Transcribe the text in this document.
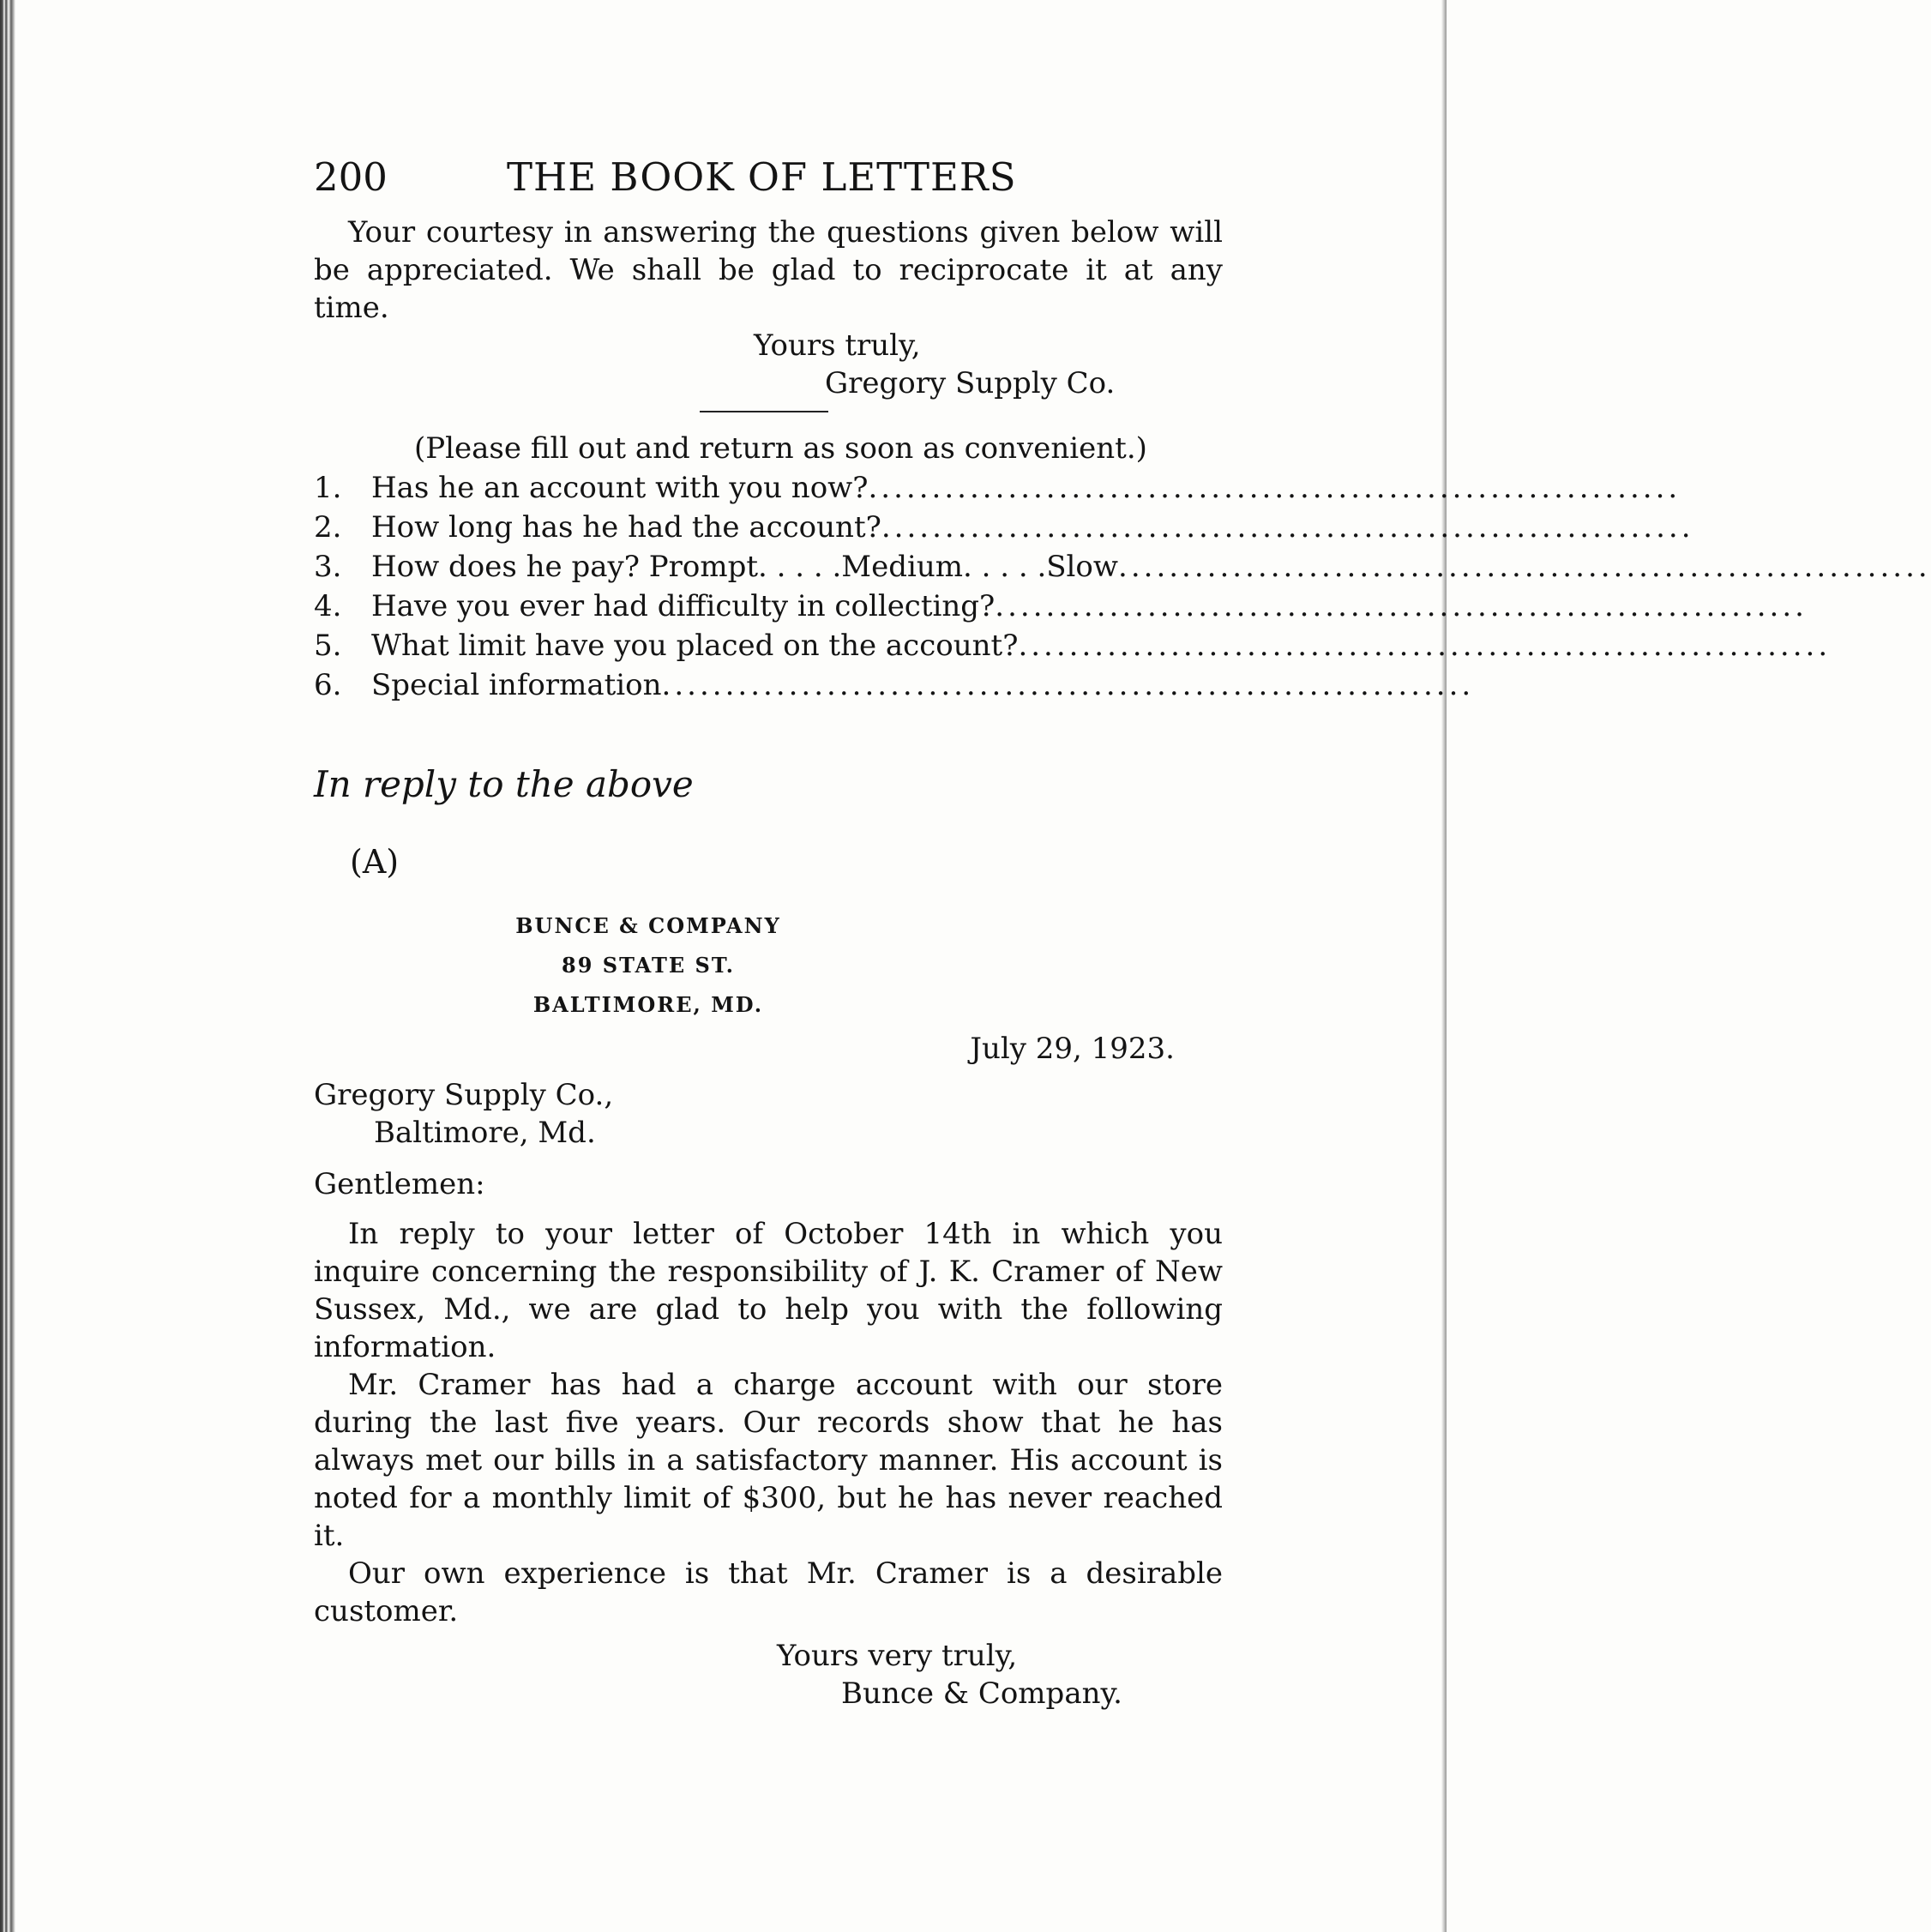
200	THE BOOK OF LETTERS

Your courtesy in answering the questions given below will be appreciated. We shall be glad to reciprocate it at any time.

Yours truly,
Gregory Supply Co.
(Please fill out and return as soon as convenient.)
1.	Has he an account with you now? ................................................................
2.	How long has he had the account? ................................................................
3.	How does he pay? Prompt. . . . .Medium. . . . .Slow ................................................................
4.	Have you ever had difficulty in collecting? ................................................................
5.	What limit have you placed on the account? ................................................................
6.	Special information ................................................................
In reply to the above
(A)
BUNCE & COMPANY
89 STATE ST.
BALTIMORE, MD.
July 29, 1923.
Gregory Supply Co.,
Baltimore, Md.
Gentlemen:

In reply to your letter of October 14th in which you inquire concerning the responsibility of J. K. Cramer of New Sussex, Md., we are glad to help you with the following information.

Mr. Cramer has had a charge account with our store during the last five years. Our records show that he has always met our bills in a satisfactory manner. His account is noted for a monthly limit of $300, but he has never reached it.

Our own experience is that Mr. Cramer is a desirable customer.

Yours very truly,
Bunce & Company.
